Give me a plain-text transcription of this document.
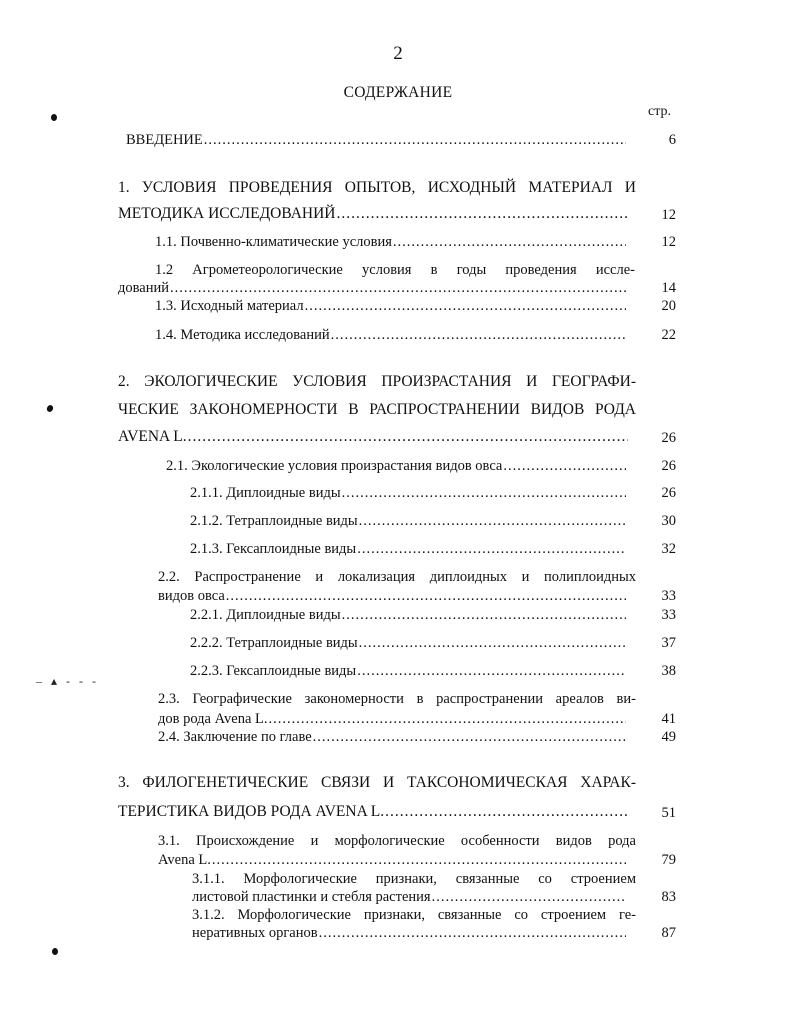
2
СОДЕРЖАНИЕ
стр.
ВВЕДЕНИЕ .....	6
1. УСЛОВИЯ ПРОВЕДЕНИЯ ОПЫТОВ, ИСХОДНЫЙ МАТЕРИАЛ И
МЕТОДИКА ИССЛЕДОВАНИЙ .....	12
1.1. Почвенно-климатические условия .....	12
1.2 Агрометеорологические условия в годы проведения иссле-
дований .....	14
1.3. Исходный материал .....	20
1.4. Методика исследований .....	22
2. ЭКОЛОГИЧЕСКИЕ УСЛОВИЯ ПРОИЗРАСТАНИЯ И ГЕОГРАФИ-
ЧЕСКИЕ ЗАКОНОМЕРНОСТИ В РАСПРОСТРАНЕНИИ ВИДОВ РОДА
AVENA L. .....	26
2.1. Экологические условия произрастания видов овса .....	26
2.1.1. Диплоидные виды .....	26
2.1.2. Тетраплоидные виды .....	30
2.1.3. Гексаплоидные виды .....	32
2.2. Распространение и локализация диплоидных и полиплоидных
видов овса .....	33
2.2.1. Диплоидные виды .....	33
2.2.2. Тетраплоидные виды .....	37
2.2.3. Гексаплоидные виды .....	38
2.3. Географические закономерности в распространении ареалов ви-
дов рода Avena L. .....	41
2.4. Заключение по главе .....	49
3. ФИЛОГЕНЕТИЧЕСКИЕ СВЯЗИ И ТАКСОНОМИЧЕСКАЯ ХАРАК-
ТЕРИСТИКА ВИДОВ РОДА AVENA L. .....	51
3.1. Происхождение и морфологические особенности видов рода
Avena L. .....	79
3.1.1. Морфологические признаки, связанные со строением
листовой пластинки и стебля растения .....	83
3.1.2. Морфологические признаки, связанные со строением ге-
неративных органов .....	87
– ▴ - - -
